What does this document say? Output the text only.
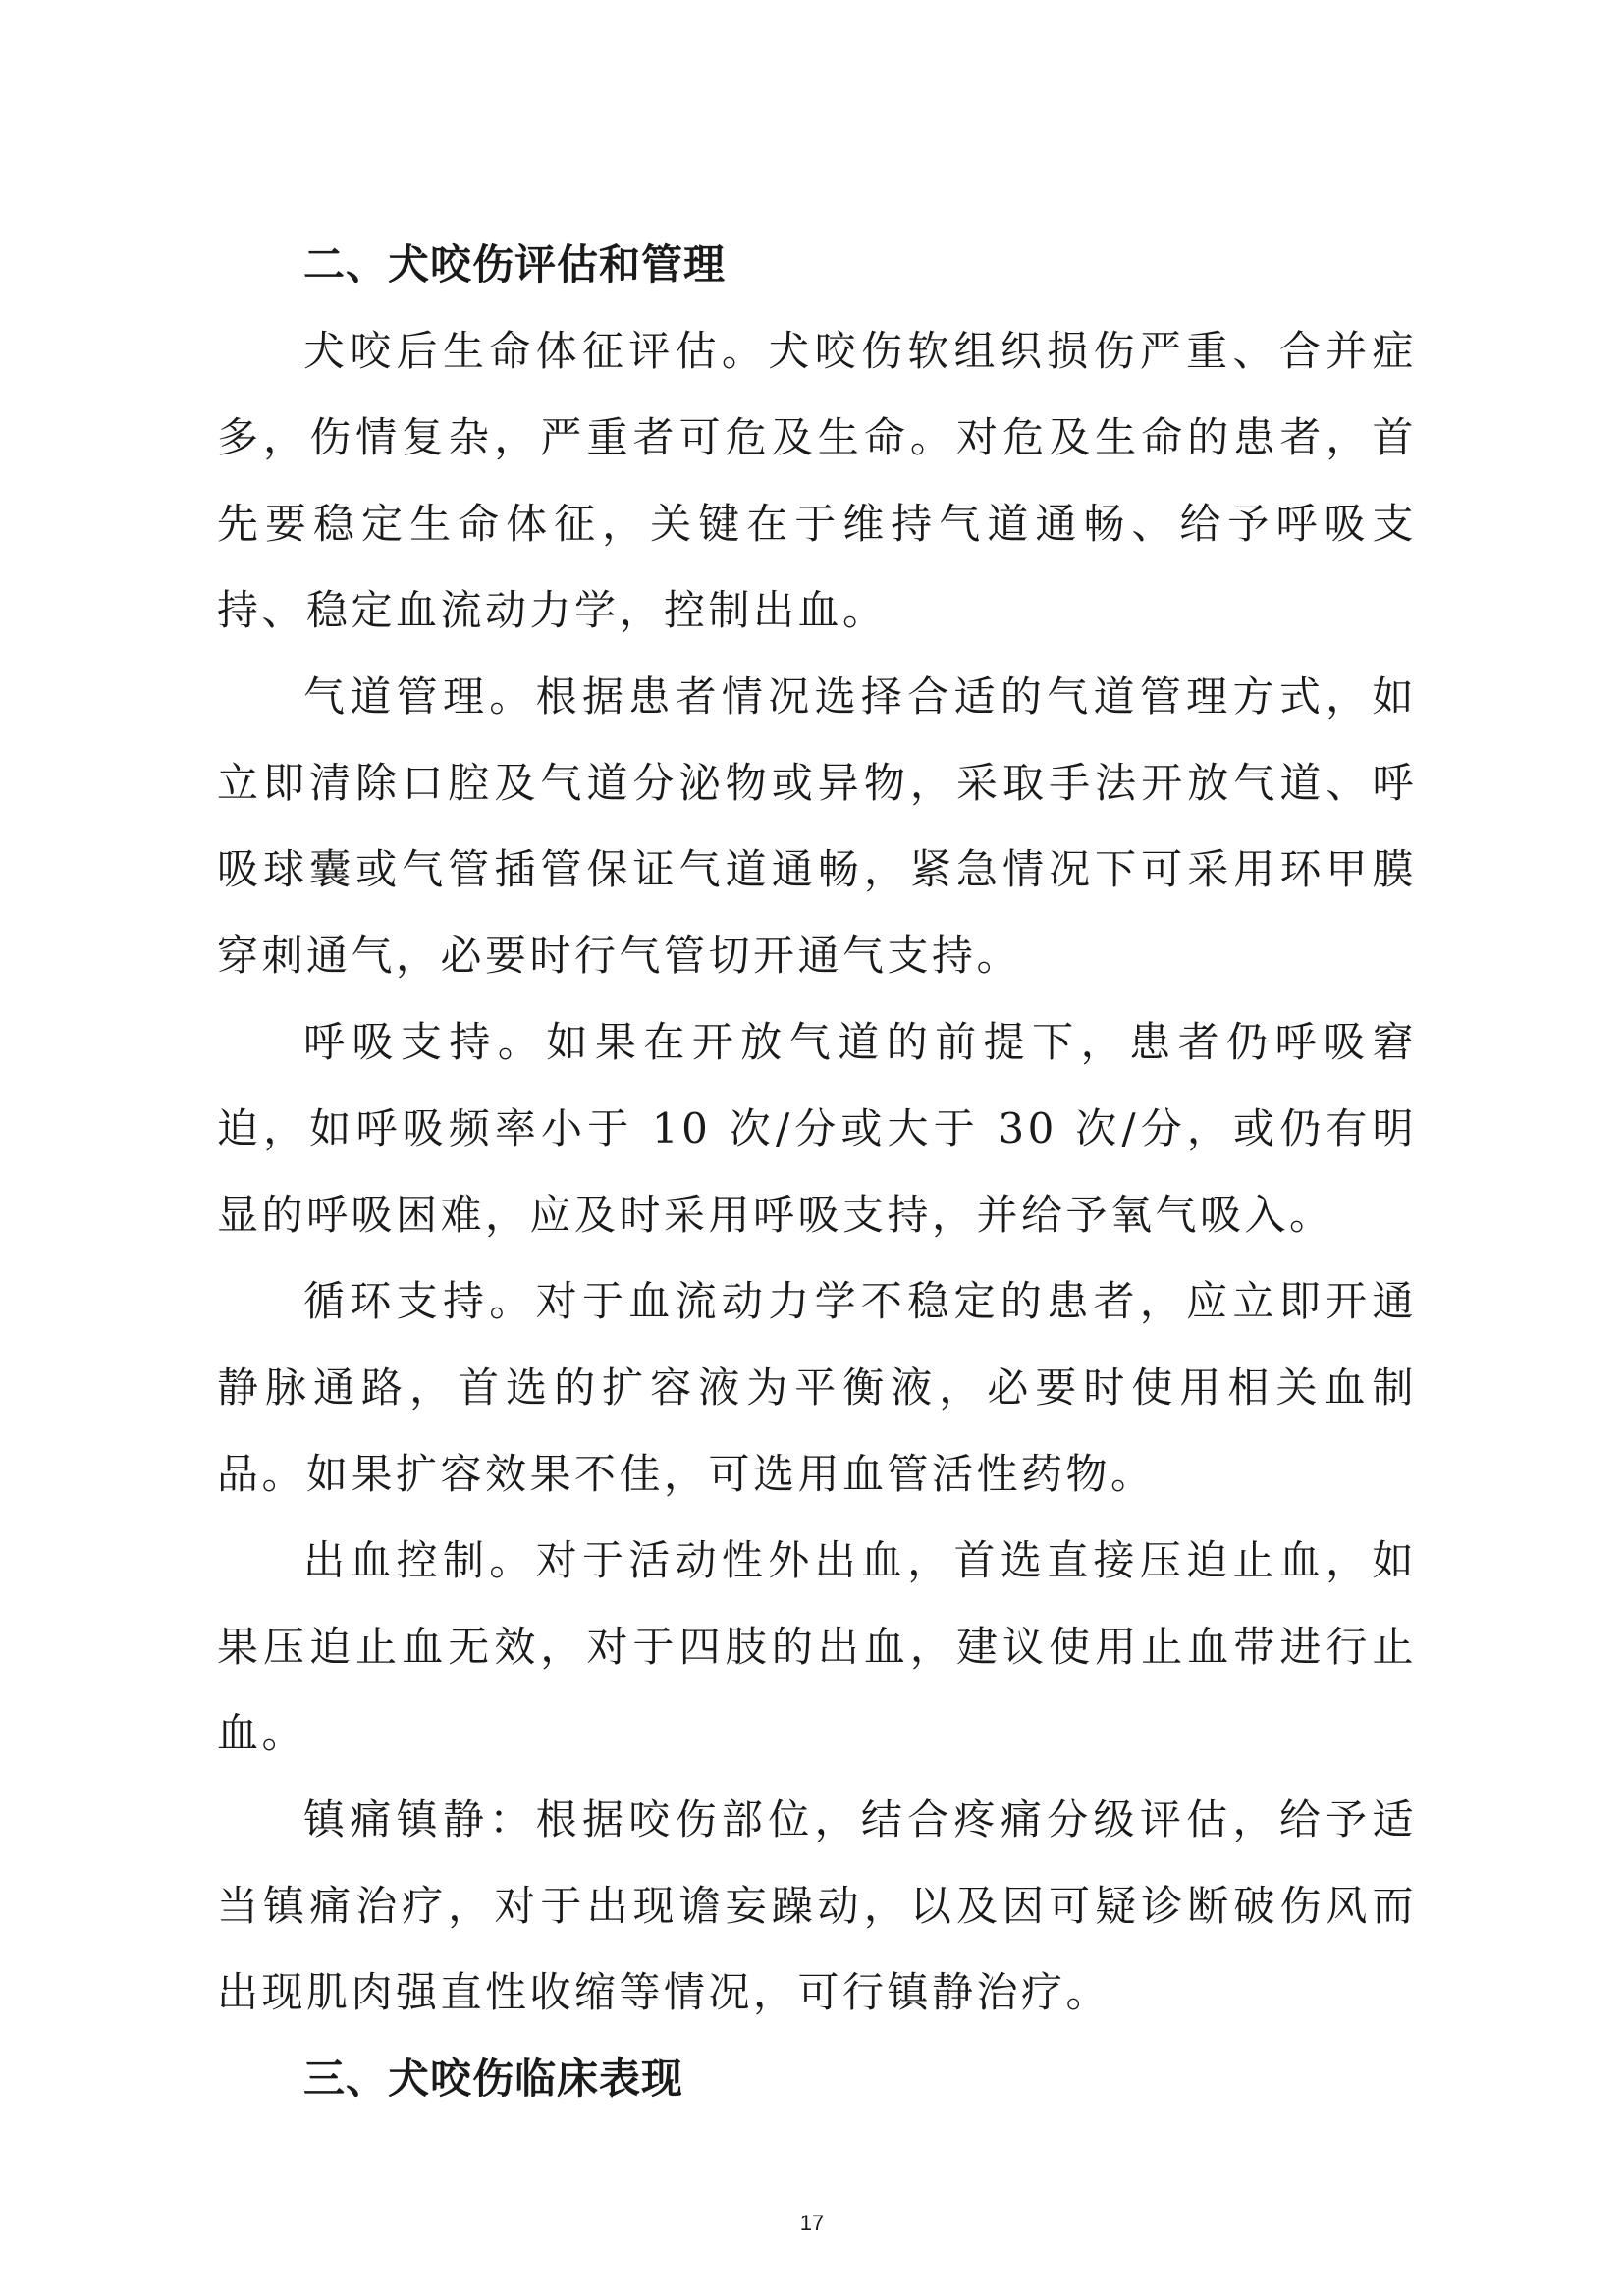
二、犬咬伤评估和管理

犬咬后生命体征评估。犬咬伤软组织损伤严重、合并症多，伤情复杂，严重者可危及生命。对危及生命的患者，首先要稳定生命体征，关键在于维持气道通畅、给予呼吸支持、稳定血流动力学，控制出血。

气道管理。根据患者情况选择合适的气道管理方式，如立即清除口腔及气道分泌物或异物，采取手法开放气道、呼吸球囊或气管插管保证气道通畅，紧急情况下可采用环甲膜穿刺通气，必要时行气管切开通气支持。

呼吸支持。如果在开放气道的前提下，患者仍呼吸窘迫，如呼吸频率小于 10 次/分或大于 30 次/分，或仍有明显的呼吸困难，应及时采用呼吸支持，并给予氧气吸入。

循环支持。对于血流动力学不稳定的患者，应立即开通静脉通路，首选的扩容液为平衡液，必要时使用相关血制品。如果扩容效果不佳，可选用血管活性药物。

出血控制。对于活动性外出血，首选直接压迫止血，如果压迫止血无效，对于四肢的出血，建议使用止血带进行止血。

镇痛镇静：根据咬伤部位，结合疼痛分级评估，给予适当镇痛治疗，对于出现谵妄躁动，以及因可疑诊断破伤风而出现肌肉强直性收缩等情况，可行镇静治疗。

三、犬咬伤临床表现
17
